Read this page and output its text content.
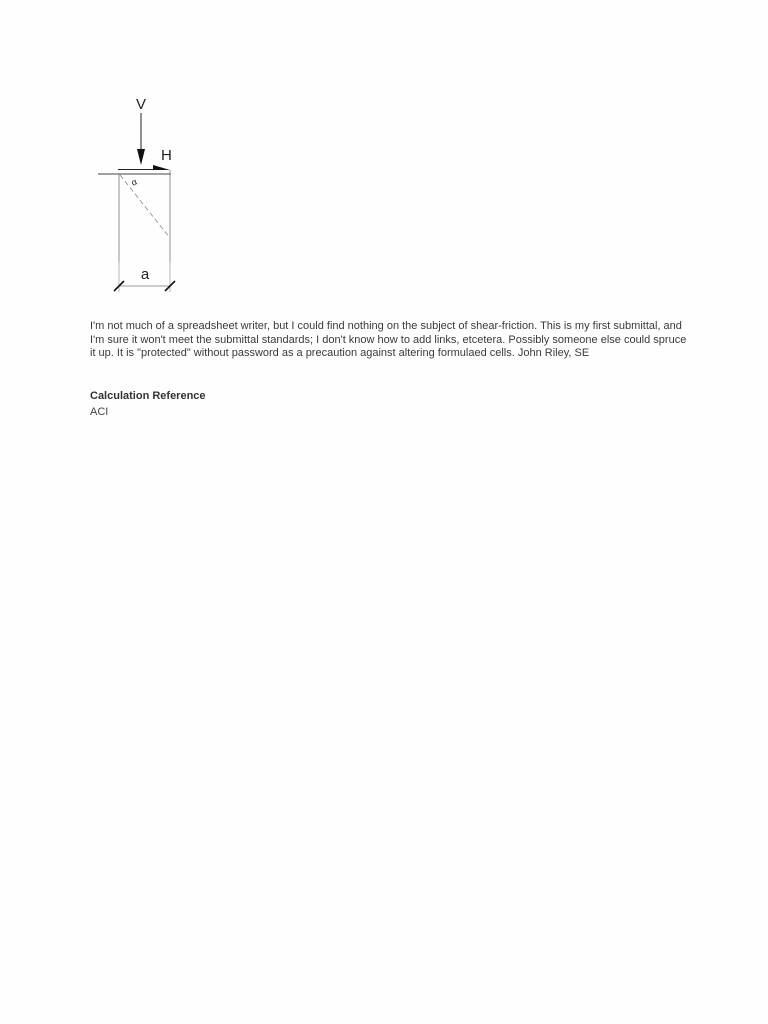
V
H
α
a

I'm not much of a spreadsheet writer, but I could find nothing on the subject of shear-friction. This is my first submittal, and I'm sure it won't meet the submittal standards; I don't know how to add links, etcetera. Possibly someone else could spruce it up. It is "protected" without password as a precaution against altering formulaed cells. John Riley, SE

Calculation Reference

ACI
